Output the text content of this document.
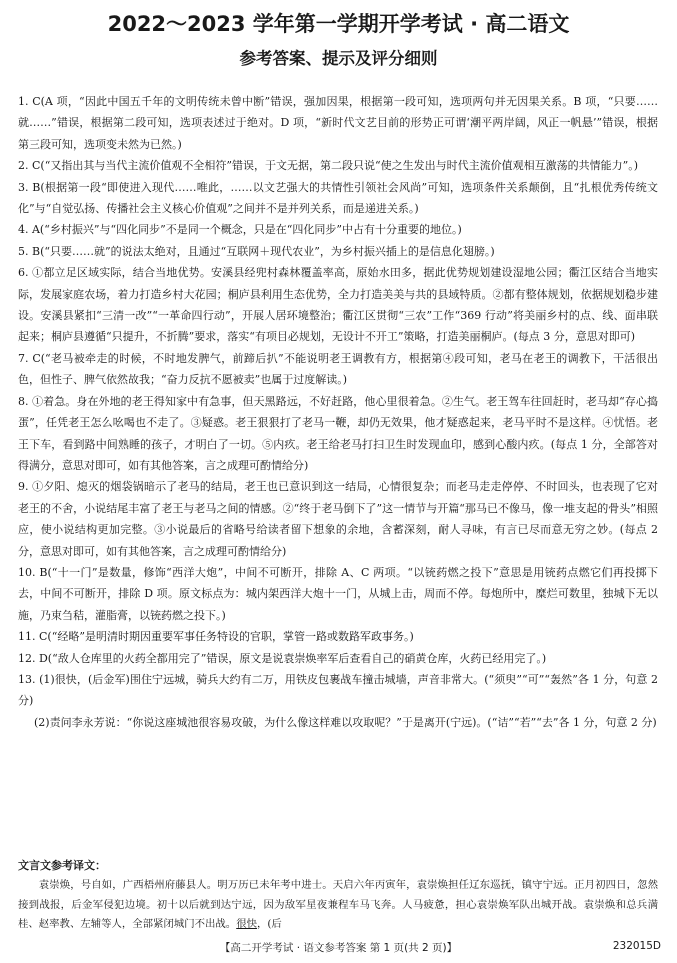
2022～2023 学年第一学期开学考试 · 高二语文
参考答案、提示及评分细则

1. C(A 项，“因此中国五千年的文明传统未曾中断”错误，强加因果，根据第一段可知，选项两句并无因果关系。B 项，“只要……就……”错误，根据第二段可知，选项表述过于绝对。D 项，“新时代文艺目前的形势正可谓‘潮平两岸阔，风正一帆悬’”错误，根据第三段可知，选项变未然为已然。)

2. C(“又指出其与当代主流价值观不全相符”错误，于文无据，第二段只说“使之生发出与时代主流价值观相互激荡的共情能力”。)

3. B(根据第一段“即使进入现代……唯此，……以文艺强大的共情性引领社会风尚”可知，选项条件关系颠倒，且“扎根优秀传统文化”与“自觉弘扬、传播社会主义核心价值观”之间并不是并列关系，而是递进关系。)

4. A(“乡村振兴”与“四化同步”不是同一个概念，只是在“四化同步”中占有十分重要的地位。)

5. B(“只要……就”的说法太绝对，且通过“互联网＋现代农业”，为乡村振兴插上的是信息化翅膀。)

6. ①都立足区域实际，结合当地优势。安溪县经兜村森林覆盖率高，原始水田多，据此优势规划建设湿地公园；衢江区结合当地实际，发展家庭农场，着力打造乡村大花园；桐庐县利用生态优势，全力打造美美与共的县域特质。②都有整体规划，依据规划稳步建设。安溪县紧扣“三清一改”“一革命四行动”，开展人居环境整治；衢江区贯彻“三农”工作“369 行动”将美丽乡村的点、线、面串联起来；桐庐县遵循“只提升，不折腾”要求，落实“有项目必规划，无设计不开工”策略，打造美丽桐庐。(每点 3 分，意思对即可)

7. C(“老马被牵走的时候，不时地发脾气，前蹄后扒”不能说明老王调教有方，根据第④段可知，老马在老王的调教下，干活很出色，但性子、脾气依然故我；“奋力反抗不愿被卖”也属于过度解读。)

8. ①着急。身在外地的老王得知家中有急事，但天黑路远，不好赶路，他心里很着急。②生气。老王驾车往回赶时，老马却“存心捣蛋”，任凭老王怎么吆喝也不走了。③疑惑。老王狠狠打了老马一鞭，却仍无效果，他才疑惑起来，老马平时不是这样。④忧悟。老王下车，看到路中间熟睡的孩子，才明白了一切。⑤内疚。老王给老马打扫卫生时发现血印，感到心酸内疚。(每点 1 分，全部答对得满分，意思对即可，如有其他答案，言之成理可酌情给分)

9. ①夕阳、熄灭的烟袋锅暗示了老马的结局，老王也已意识到这一结局，心情很复杂；而老马走走停停、不时回头，也表现了它对老王的不舍，小说结尾丰富了老王与老马之间的情感。②“终于老马倒下了”这一情节与开篇“那马已不像马，像一堆支起的骨头”相照应，使小说结构更加完整。③小说最后的省略号给读者留下想象的余地，含蓄深刻，耐人寻味，有言已尽而意无穷之妙。(每点 2 分，意思对即可，如有其他答案，言之成理可酌情给分)

10. B(“十一门”是数量，修饰“西洋大炮”，中间不可断开，排除 A、C 两项。“以铳药燃之投下”意思是用铳药点燃它们再投掷下去，中间不可断开，排除 D 项。原文标点为：城内架西洋大炮十一门，从城上击，周而不停。每炮所中，糜烂可数里，独城下无以施，乃束刍秸，灌脂膏，以铳药燃之投下。)

11. C(“经略”是明清时期因重要军事任务特设的官职，掌管一路或数路军政事务。)

12. D(“敌人仓库里的火药全都用完了”错误，原文是说袁崇焕率军后查看自己的硝黄仓库，火药已经用完了。)

13. (1)很快，(后金军)围住宁远城，骑兵大约有二万，用铁皮包裹战车撞击城墙，声音非常大。(“须臾”“可”“轰然”各 1 分，句意 2 分)

(2)责问李永芳说：“你说这座城池很容易攻破，为什么像这样难以攻取呢？”于是离开(宁远)。(“诘”“若”“去”各 1 分，句意 2 分)

文言文参考译文：

袁崇焕，号自如，广西梧州府藤县人。明万历已未年考中进士。天启六年丙寅年，袁崇焕担任辽东巡抚，镇守宁远。正月初四日，忽然接到战报，后金军侵犯边境。初十以后就到达宁远，因为敌军星夜兼程车马飞奔。人马疲惫，担心袁崇焕军队出城开战。袁崇焕和总兵满桂、赵率教、左辅等人，全部紧闭城门不出战。很快，(后

【高二开学考试 · 语文参考答案 第 1 页(共 2 页)】	232015D
